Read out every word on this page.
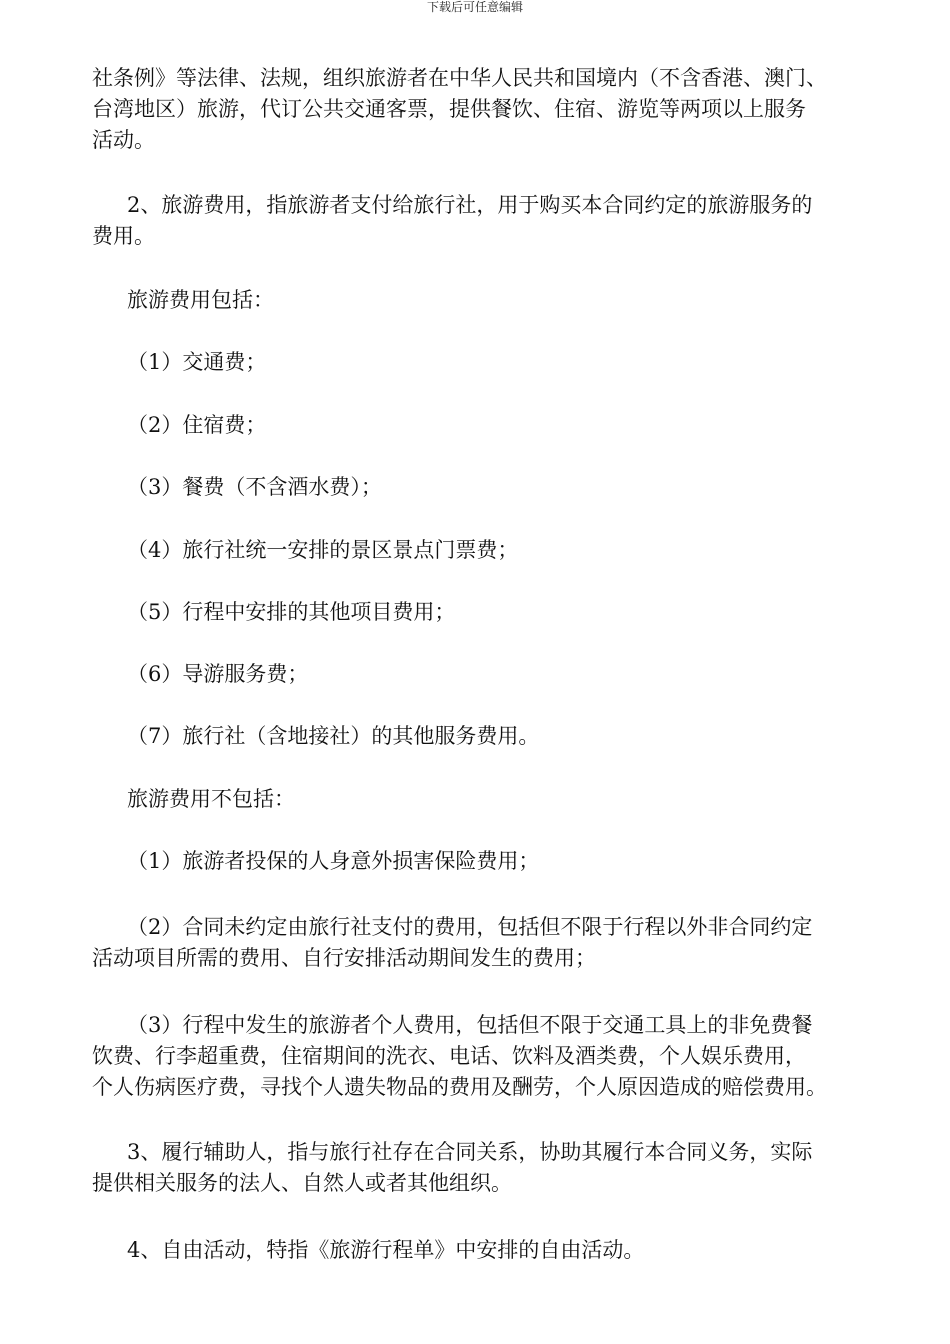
下载后可任意编辑
社条例》等法律、法规，组织旅游者在中华人民共和国境内（不含香港、澳门、
台湾地区）旅游，代订公共交通客票，提供餐饮、住宿、游览等两项以上服务
活动。
2、旅游费用，指旅游者支付给旅行社，用于购买本合同约定的旅游服务的
费用。
旅游费用包括：
（1）交通费；
（2）住宿费；
（3）餐费（不含酒水费）；
（4）旅行社统一安排的景区景点门票费；
（5）行程中安排的其他项目费用；
（6）导游服务费；
（7）旅行社（含地接社）的其他服务费用。
旅游费用不包括：
（1）旅游者投保的人身意外损害保险费用；
（2）合同未约定由旅行社支付的费用，包括但不限于行程以外非合同约定
活动项目所需的费用、自行安排活动期间发生的费用；
（3）行程中发生的旅游者个人费用，包括但不限于交通工具上的非免费餐
饮费、行李超重费，住宿期间的洗衣、电话、饮料及酒类费，个人娱乐费用，
个人伤病医疗费，寻找个人遗失物品的费用及酬劳，个人原因造成的赔偿费用。
3、履行辅助人，指与旅行社存在合同关系，协助其履行本合同义务，实际
提供相关服务的法人、自然人或者其他组织。
4、自由活动，特指《旅游行程单》中安排的自由活动。
